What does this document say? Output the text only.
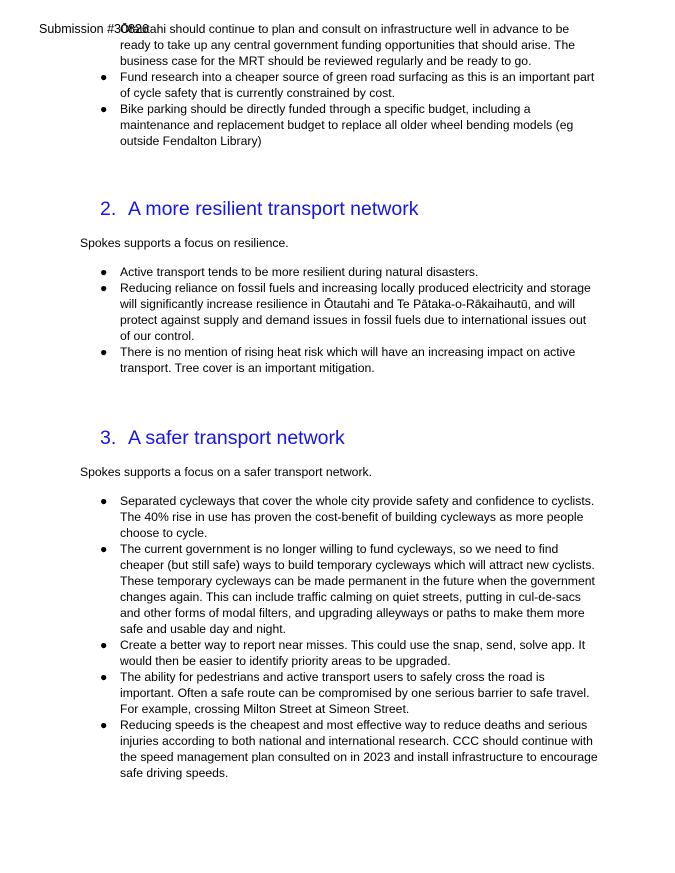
Submission #30826
Ōtautahi should continue to plan and consult on infrastructure well in advance to be ready to take up any central government funding opportunities that should arise. The business case for the MRT should be reviewed regularly and be ready to go.
● Fund research into a cheaper source of green road surfacing as this is an important part of cycle safety that is currently constrained by cost.
● Bike parking should be directly funded through a specific budget, including a maintenance and replacement budget to replace all older wheel bending models (eg outside Fendalton Library)
2. A more resilient transport network
Spokes supports a focus on resilience.
● Active transport tends to be more resilient during natural disasters.
● Reducing reliance on fossil fuels and increasing locally produced electricity and storage will significantly increase resilience in Ōtautahi and Te Pātaka-o-Rākaihautū, and will protect against supply and demand issues in fossil fuels due to international issues out of our control.
● There is no mention of rising heat risk which will have an increasing impact on active transport. Tree cover is an important mitigation.
3. A safer transport network
Spokes supports a focus on a safer transport network.
● Separated cycleways that cover the whole city provide safety and confidence to cyclists. The 40% rise in use has proven the cost-benefit of building cycleways as more people choose to cycle.
● The current government is no longer willing to fund cycleways, so we need to find cheaper (but still safe) ways to build temporary cycleways which will attract new cyclists. These temporary cycleways can be made permanent in the future when the government changes again. This can include traffic calming on quiet streets, putting in cul-de-sacs and other forms of modal filters, and upgrading alleyways or paths to make them more safe and usable day and night.
● Create a better way to report near misses. This could use the snap, send, solve app. It would then be easier to identify priority areas to be upgraded.
● The ability for pedestrians and active transport users to safely cross the road is important. Often a safe route can be compromised by one serious barrier to safe travel. For example, crossing Milton Street at Simeon Street.
● Reducing speeds is the cheapest and most effective way to reduce deaths and serious injuries according to both national and international research. CCC should continue with the speed management plan consulted on in 2023 and install infrastructure to encourage safe driving speeds.
